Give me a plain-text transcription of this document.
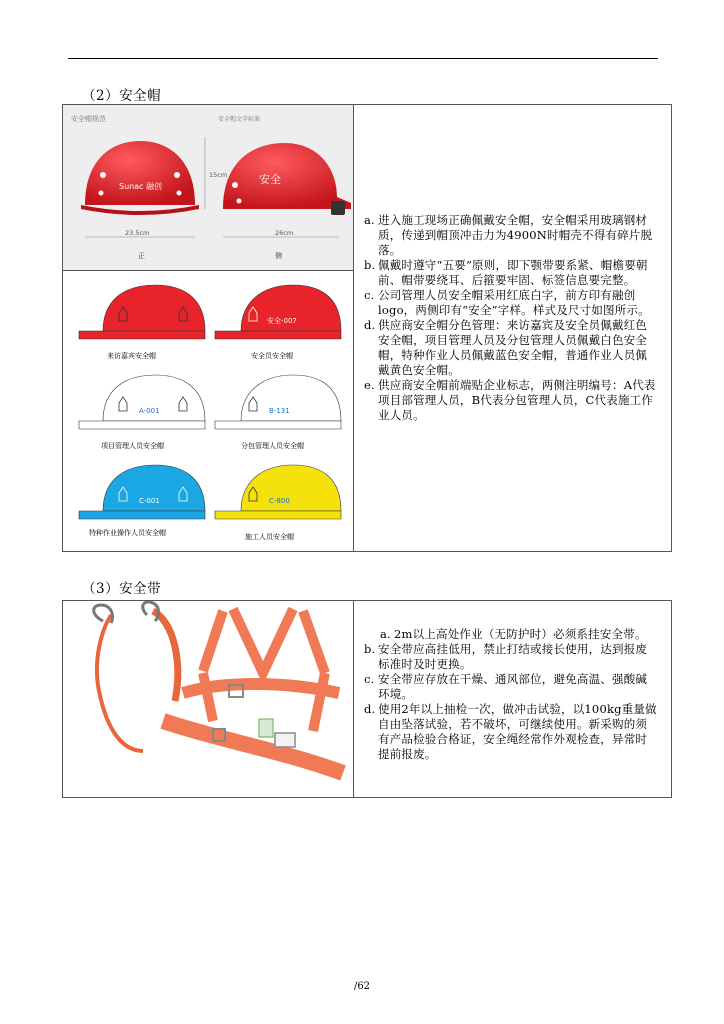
（2）安全帽
安全帽规范	安全帽文字标准
Sunac 融创
15cm
23.5cm
正
安全
26cm
侧

a. 进入施工现场正确佩戴安全帽，安全帽采用玻璃钢材质，传递到帽顶冲击力为4900N时帽壳不得有碎片脱落。
b. 佩戴时遵守“五要”原则，即下颚带要系紧、帽檐要朝前、帽带要绕耳、后箍要牢固、标签信息要完整。
c. 公司管理人员安全帽采用红底白字，前方印有融创logo，两侧印有“安全”字样。样式及尺寸如图所示。
d. 供应商安全帽分色管理：来访嘉宾及安全员佩戴红色安全帽，项目管理人员及分包管理人员佩戴白色安全帽，特种作业人员佩戴蓝色安全帽，普通作业人员佩戴黄色安全帽。
e. 供应商安全帽前端贴企业标志，两侧注明编号：A代表项目部管理人员，B代表分包管理人员，C代表施工作业人员。

安全-007
来访嘉宾安全帽	安全员安全帽
A-001	B-131
项目管理人员安全帽	分包管理人员安全帽
C-001	C-800
特种作业操作人员安全帽	施工人员安全帽
（3）安全带

a. 2m以上高处作业（无防护时）必须系挂安全带。
b. 安全带应高挂低用，禁止打结或接长使用，达到报废标准时及时更换。
c. 安全带应存放在干燥、通风部位，避免高温、强酸碱环境。
d. 使用2年以上抽检一次，做冲击试验，以100kg重量做自由坠落试验，若不破坏，可继续使用。新采购的须有产品检验合格证，安全绳经常作外观检查，异常时提前报废。
/62
